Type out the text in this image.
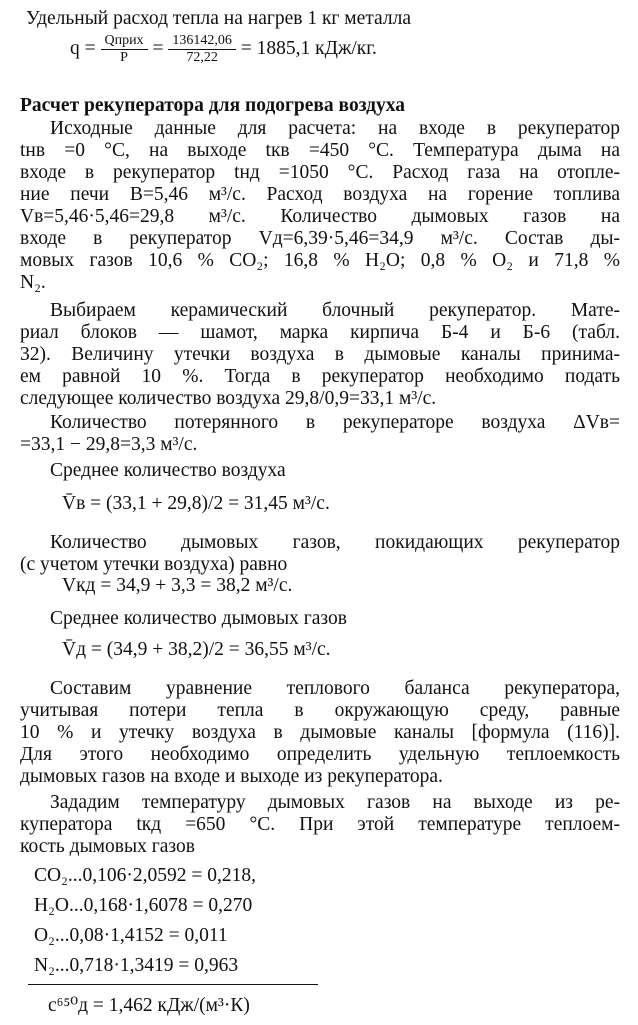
Удельный расход тепла на нагрев 1 кг металла
$q = \frac{\text{Qприх}}{P} = \frac{136142,06}{72,22} = 1885,1$ кДж/кг.
Расчет рекуператора для подогрева воздуха
Исходные данные для расчета: на входе в рекуператор
tнв =0 °С, на выходе tкв =450 °С. Температура дыма на
входе в рекуператор tнд =1050 °С. Расход газа на отопле-
ние печи B=5,46 м³/с. Расход воздуха на горение топлива
Vв=5,46·5,46=29,8 м³/с. Количество дымовых газов на
входе в рекуператор Vд=6,39·5,46=34,9 м³/с. Состав ды-
мовых газов 10,6 % CO₂; 16,8 % H₂O; 0,8 % O₂ и 71,8 %
N₂.
Выбираем керамический блочный рекуператор. Мате-
риал блоков — шамот, марка кирпича Б-4 и Б-6 (табл.
32). Величину утечки воздуха в дымовые каналы принима-
ем равной 10 %. Тогда в рекуператор необходимо подать
следующее количество воздуха 29,8/0,9=33,1 м³/с.
Количество потерянного в рекуператоре воздуха ΔVв=
=33,1 − 29,8=3,3 м³/с.
Среднее количество воздуха
V̄в = (33,1 + 29,8)/2 = 31,45 м³/с.
Количество дымовых газов, покидающих рекуператор
(с учетом утечки воздуха) равно
Vкд = 34,9 + 3,3 = 38,2 м³/с.
Среднее количество дымовых газов
V̄д = (34,9 + 38,2)/2 = 36,55 м³/с.
Составим уравнение теплового баланса рекуператора,
учитывая потери тепла в окружающую среду, равные
10 % и утечку воздуха в дымовые каналы [формула (116)].
Для этого необходимо определить удельную теплоемкость
дымовых газов на входе и выходе из рекуператора.
Зададим температуру дымовых газов на выходе из ре-
куператора tкд =650 °С. При этой температуре теплоем-
кость дымовых газов
CO₂...0,106·2,0592 = 0,218,
H₂O...0,168·1,6078 = 0,270
O₂...0,08·1,4152 = 0,011
N₂...0,718·1,3419 = 0,963
c⁶⁵⁰д = 1,462 кДж/(м³·К)
